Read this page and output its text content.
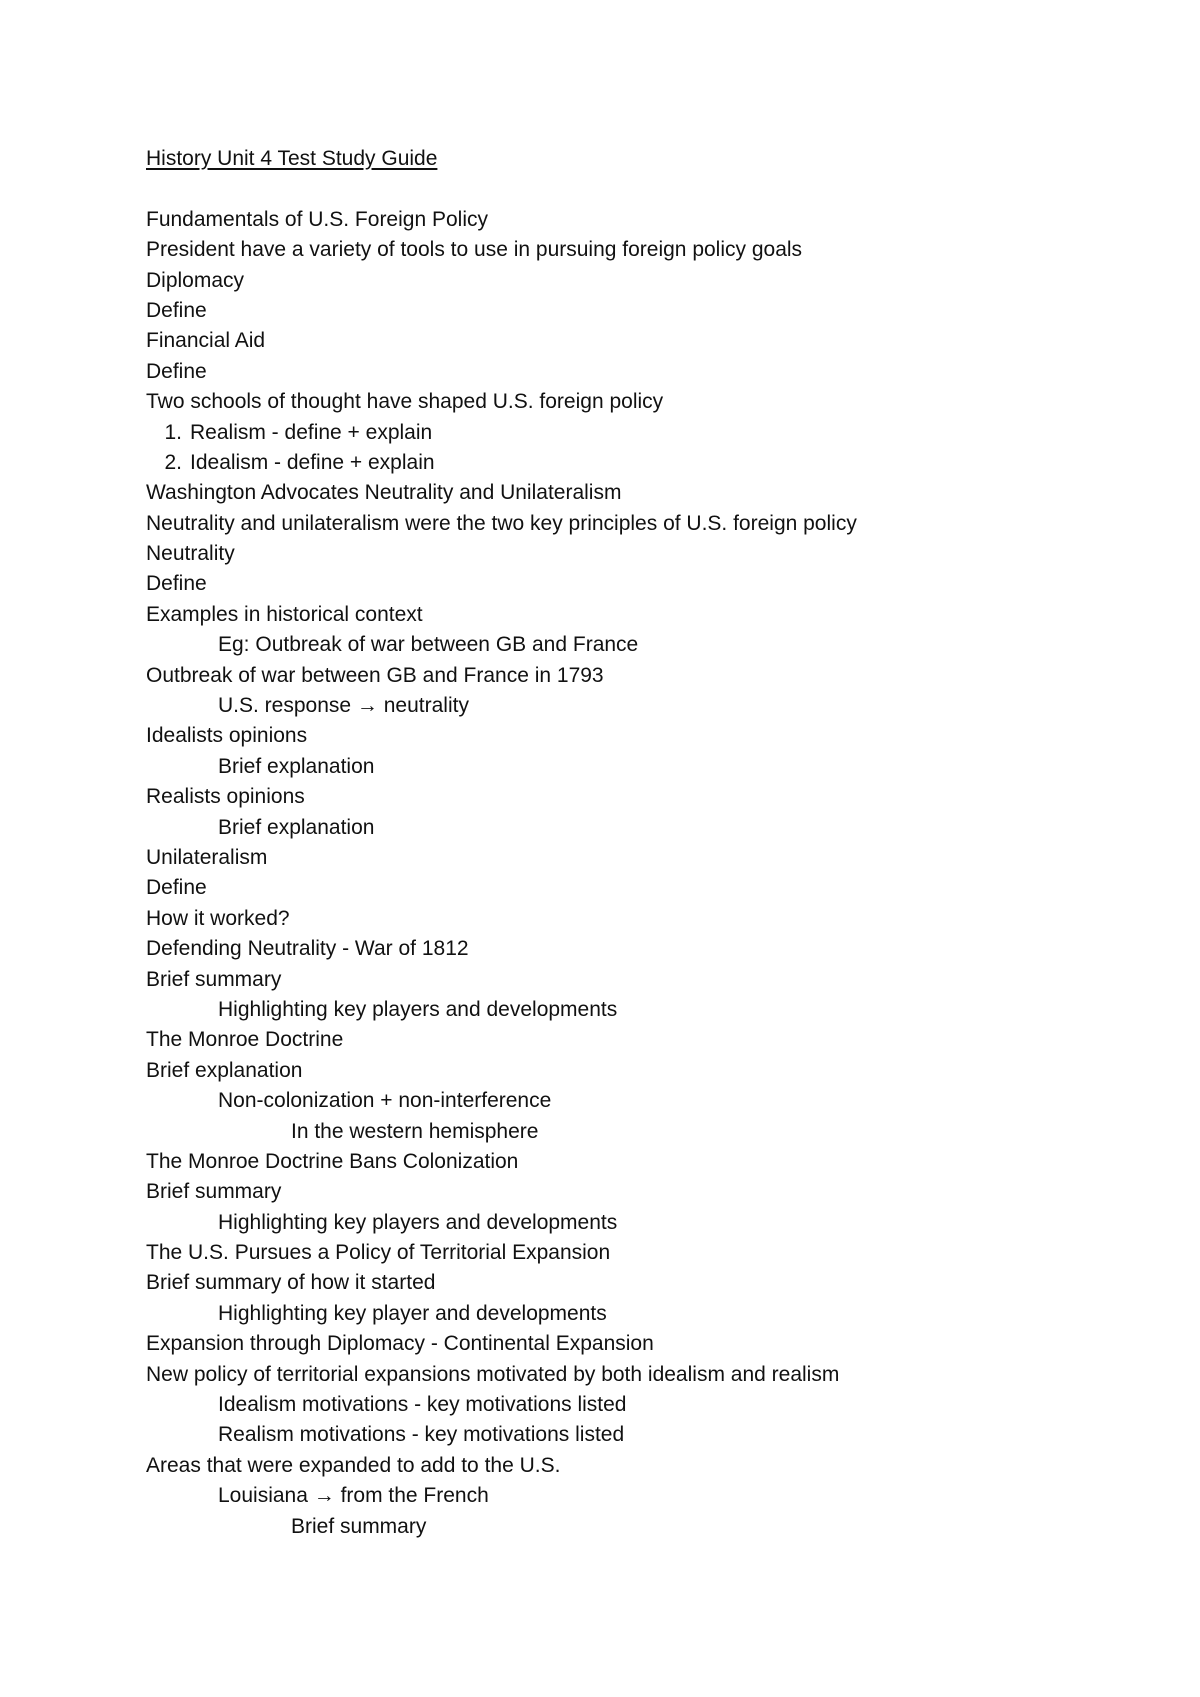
History Unit 4 Test Study Guide
Fundamentals of U.S. Foreign Policy
President have a variety of tools to use in pursuing foreign policy goals
Diplomacy
Define
Financial Aid
Define
Two schools of thought have shaped U.S. foreign policy
1. Realism - define + explain
2. Idealism - define + explain
Washington Advocates Neutrality and Unilateralism
Neutrality and unilateralism were the two key principles of U.S. foreign policy
Neutrality
Define
Examples in historical context
Eg: Outbreak of war between GB and France
Outbreak of war between GB and France in 1793
U.S. response → neutrality
Idealists opinions
Brief explanation
Realists opinions
Brief explanation
Unilateralism
Define
How it worked?
Defending Neutrality - War of 1812
Brief summary
Highlighting key players and developments
The Monroe Doctrine
Brief explanation
Non-colonization + non-interference
In the western hemisphere
The Monroe Doctrine Bans Colonization
Brief summary
Highlighting key players and developments
The U.S. Pursues a Policy of Territorial Expansion
Brief summary of how it started
Highlighting key player and developments
Expansion through Diplomacy - Continental Expansion
New policy of territorial expansions motivated by both idealism and realism
Idealism motivations - key motivations listed
Realism motivations - key motivations listed
Areas that were expanded to add to the U.S.
Louisiana → from the French
Brief summary
